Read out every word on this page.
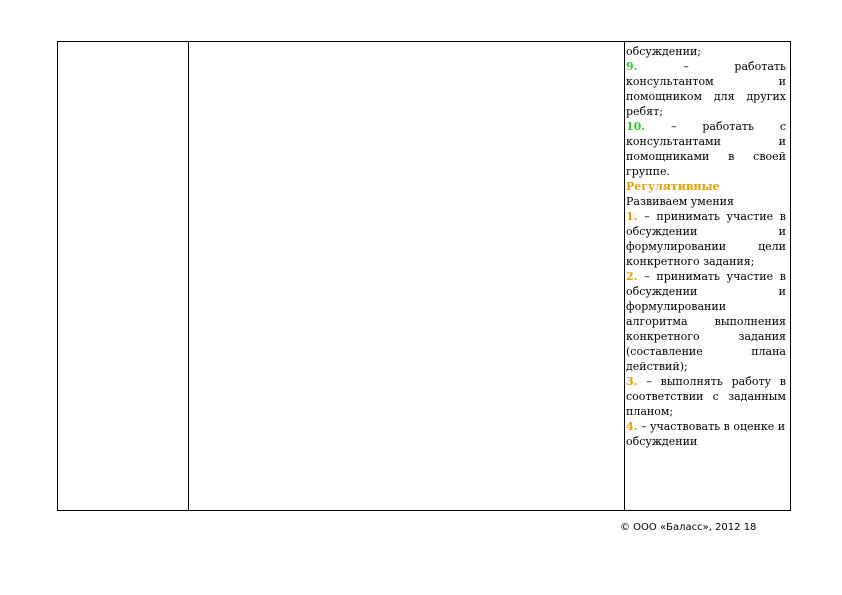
№ 7а	(64 + 35) м
сшили	осталось
23 м	? м
№ 7б	36 я.
вернулись	дошли
(2 + 11) я.	? я.

обсуждении;
9. – работать консультантом и помощником для других ребят;
10. – работать с консультантами и помощниками в своей группе.
Регулятивные
Развиваем умения
1. – принимать участие в обсуждении и формулировании цели конкретного задания;
2. – принимать участие в обсуждении и формулировании алгоритма выполнения конкретного задания (составление плана действий);
3. – выполнять работу в соответствии с заданным планом;
4. – участвовать в оценке и обсуждении
© ООО «Баласс», 2012 18
